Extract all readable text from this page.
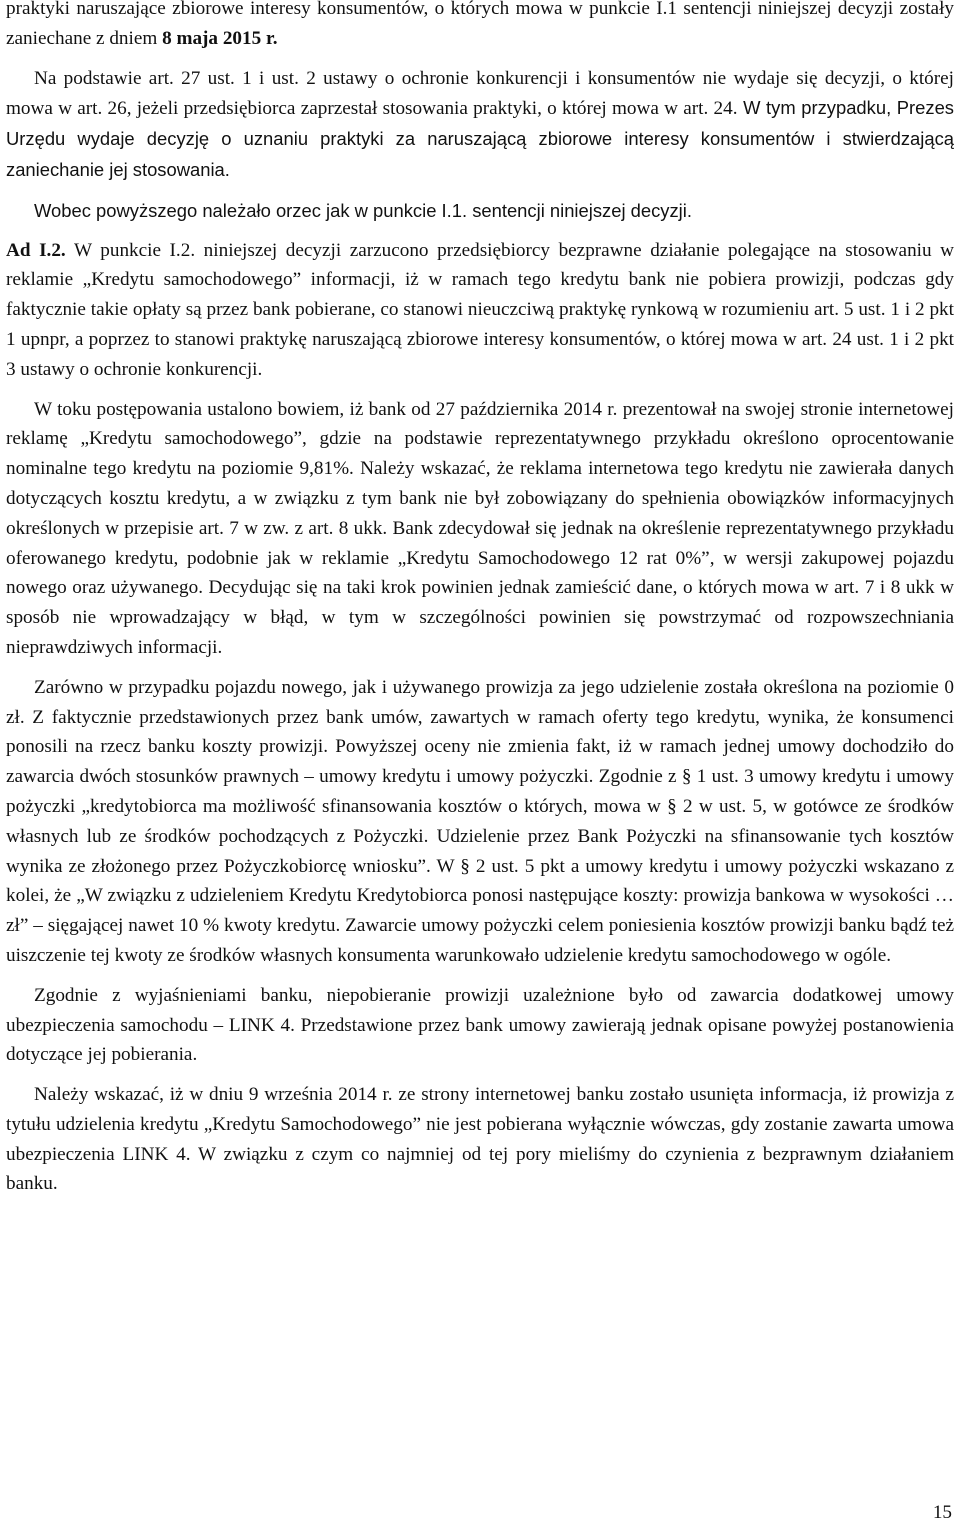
praktyki naruszające zbiorowe interesy konsumentów, o których mowa w punkcie I.1 sentencji niniejszej decyzji zostały zaniechane z dniem 8 maja 2015 r.

Na podstawie art. 27 ust. 1 i ust. 2 ustawy o ochronie konkurencji i konsumentów nie wydaje się decyzji, o której mowa w art. 26, jeżeli przedsiębiorca zaprzestał stosowania praktyki, o której mowa w art. 24. W tym przypadku, Prezes Urzędu wydaje decyzję o uznaniu praktyki za naruszającą zbiorowe interesy konsumentów i stwierdzającą zaniechanie jej stosowania.

Wobec powyższego należało orzec jak w punkcie I.1. sentencji niniejszej decyzji.

Ad I.2. W punkcie I.2. niniejszej decyzji zarzucono przedsiębiorcy bezprawne działanie polegające na stosowaniu w reklamie „Kredytu samochodowego” informacji, iż w ramach tego kredytu bank nie pobiera prowizji, podczas gdy faktycznie takie opłaty są przez bank pobierane, co stanowi nieuczciwą praktykę rynkową w rozumieniu art. 5 ust. 1 i 2 pkt 1 upnpr, a poprzez to stanowi praktykę naruszającą zbiorowe interesy konsumentów, o której mowa w art. 24 ust. 1 i 2 pkt 3 ustawy o ochronie konkurencji.

W toku postępowania ustalono bowiem, iż bank od 27 października 2014 r. prezentował na swojej stronie internetowej reklamę „Kredytu samochodowego”, gdzie na podstawie reprezentatywnego przykładu określono oprocentowanie nominalne tego kredytu na poziomie 9,81%. Należy wskazać, że reklama internetowa tego kredytu nie zawierała danych dotyczących kosztu kredytu, a w związku z tym bank nie był zobowiązany do spełnienia obowiązków informacyjnych określonych w przepisie art. 7 w zw. z art. 8 ukk. Bank zdecydował się jednak na określenie reprezentatywnego przykładu oferowanego kredytu, podobnie jak w reklamie „Kredytu Samochodowego 12 rat 0%”, w wersji zakupowej pojazdu nowego oraz używanego. Decydując się na taki krok powinien jednak zamieścić dane, o których mowa w art. 7 i 8 ukk w sposób nie wprowadzający w błąd, w tym w szczególności powinien się powstrzymać od rozpowszechniania nieprawdziwych informacji.

Zarówno w przypadku pojazdu nowego, jak i używanego prowizja za jego udzielenie została określona na poziomie 0 zł. Z faktycznie przedstawionych przez bank umów, zawartych w ramach oferty tego kredytu, wynika, że konsumenci ponosili na rzecz banku koszty prowizji. Powyższej oceny nie zmienia fakt, iż w ramach jednej umowy dochodziło do zawarcia dwóch stosunków prawnych – umowy kredytu i umowy pożyczki. Zgodnie z § 1 ust. 3 umowy kredytu i umowy pożyczki „kredytobiorca ma możliwość sfinansowania kosztów o których, mowa w § 2 w ust. 5, w gotówce ze środków własnych lub ze środków pochodzących z Pożyczki. Udzielenie przez Bank Pożyczki na sfinansowanie tych kosztów wynika ze złożonego przez Pożyczkobiorcę wniosku”. W § 2 ust. 5 pkt a umowy kredytu i umowy pożyczki wskazano z kolei, że „W związku z udzieleniem Kredytu Kredytobiorca ponosi następujące koszty: prowizja bankowa w wysokości … zł” – sięgającej nawet 10 % kwoty kredytu. Zawarcie umowy pożyczki celem poniesienia kosztów prowizji banku bądź też uiszczenie tej kwoty ze środków własnych konsumenta warunkowało udzielenie kredytu samochodowego w ogóle.

Zgodnie z wyjaśnieniami banku, niepobieranie prowizji uzależnione było od zawarcia dodatkowej umowy ubezpieczenia samochodu – LINK 4. Przedstawione przez bank umowy zawierają jednak opisane powyżej postanowienia dotyczące jej pobierania.

Należy wskazać, iż w dniu 9 września 2014 r. ze strony internetowej banku zostało usunięta informacja, iż prowizja z tytułu udzielenia kredytu „Kredytu Samochodowego” nie jest pobierana wyłącznie wówczas, gdy zostanie zawarta umowa ubezpieczenia LINK 4. W związku z czym co najmniej od tej pory mieliśmy do czynienia z bezprawnym działaniem banku.

15
